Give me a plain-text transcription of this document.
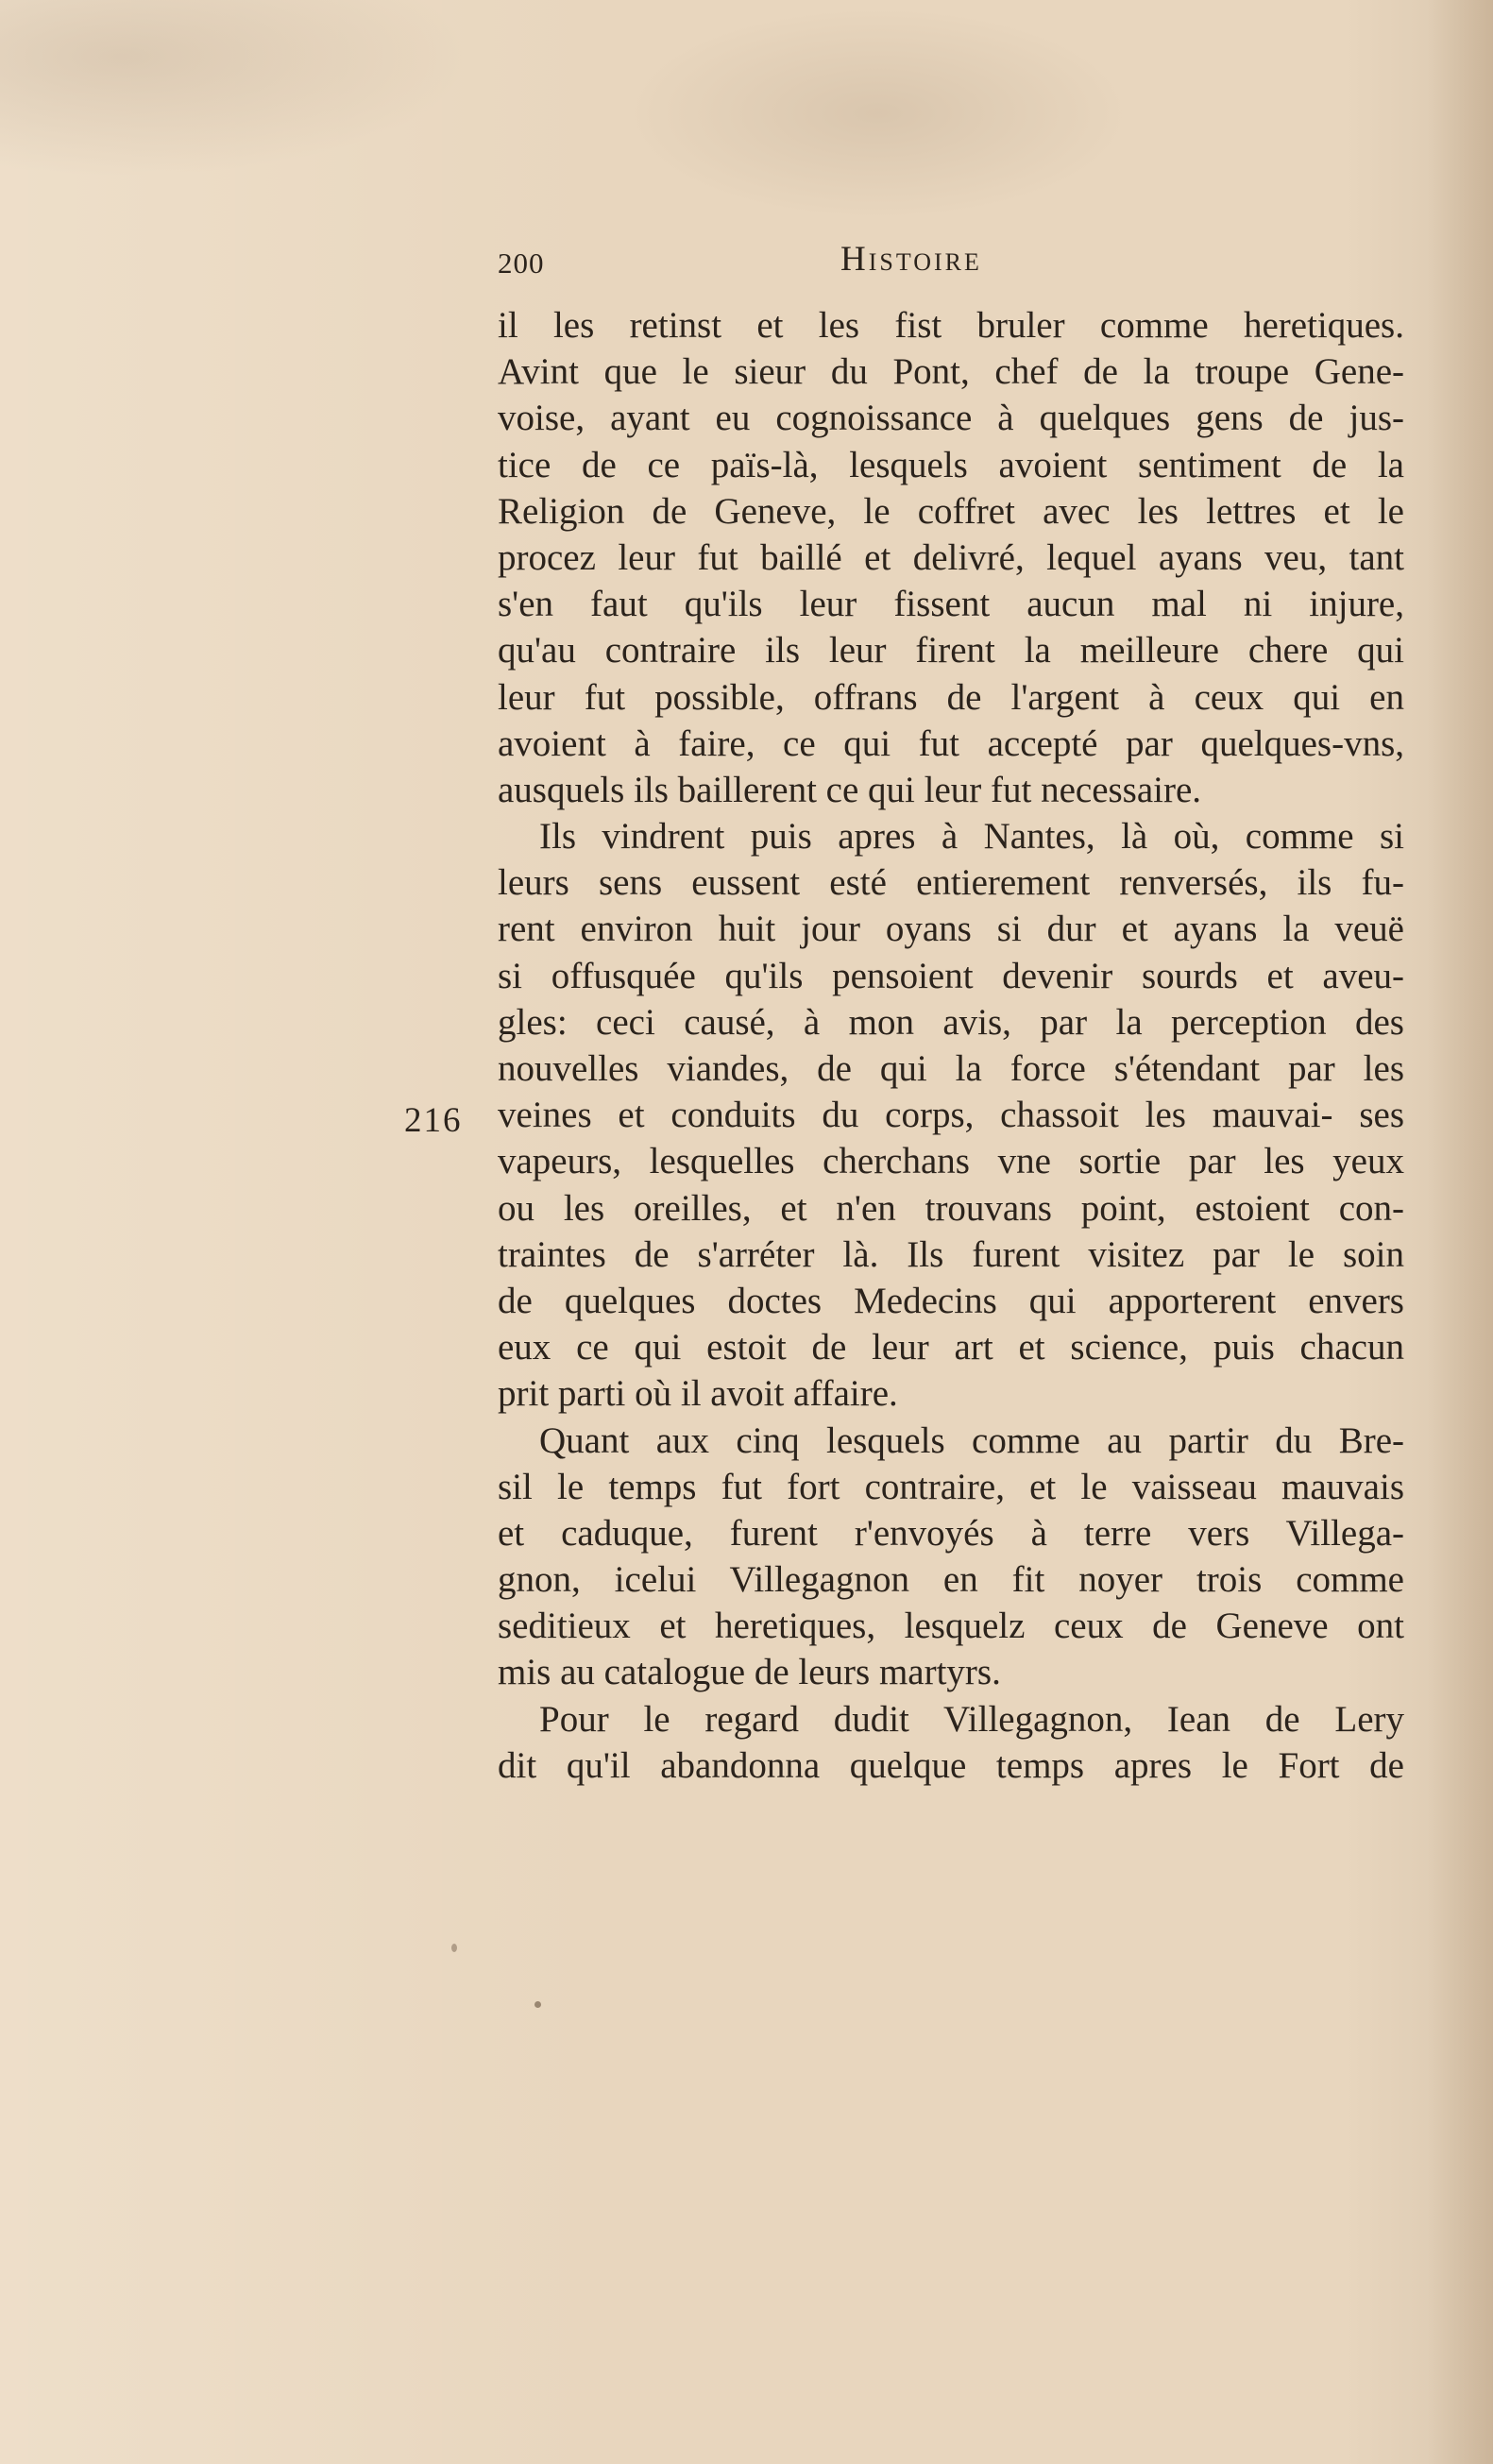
200	Histoire
216
il les retinst et les fist bruler comme heretiques.
Avint que le sieur du Pont, chef de la troupe Gene-
voise, ayant eu cognoissance à quelques gens de jus-
tice de ce païs-là, lesquels avoient sentiment de la
Religion de Geneve, le coffret avec les lettres et le
procez leur fut baillé et delivré, lequel ayans veu, tant
s'en faut qu'ils leur fissent aucun mal ni injure,
qu'au contraire ils leur firent la meilleure chere qui
leur fut possible, offrans de l'argent à ceux qui en
avoient à faire, ce qui fut accepté par quelques-vns,
ausquels ils baillerent ce qui leur fut necessaire.
Ils vindrent puis apres à Nantes, là où, comme si
leurs sens eussent esté entierement renversés, ils fu-
rent environ huit jour oyans si dur et ayans la veuë
si offusquée qu'ils pensoient devenir sourds et aveu-
gles: ceci causé, à mon avis, par la perception des
nouvelles viandes, de qui la force s'étendant par les
veines et conduits du corps, chassoit les mauvai- ses
vapeurs, lesquelles cherchans vne sortie par les yeux
ou les oreilles, et n'en trouvans point, estoient con-
traintes de s'arréter là. Ils furent visitez par le soin
de quelques doctes Medecins qui apporterent envers
eux ce qui estoit de leur art et science, puis chacun
prit parti où il avoit affaire.
Quant aux cinq lesquels comme au partir du Bre-
sil le temps fut fort contraire, et le vaisseau mauvais
et caduque, furent r'envoyés à terre vers Villega-
gnon, icelui Villegagnon en fit noyer trois comme
seditieux et heretiques, lesquelz ceux de Geneve ont
mis au catalogue de leurs martyrs.
Pour le regard dudit Villegagnon, Iean de Lery
dit qu'il abandonna quelque temps apres le Fort de
